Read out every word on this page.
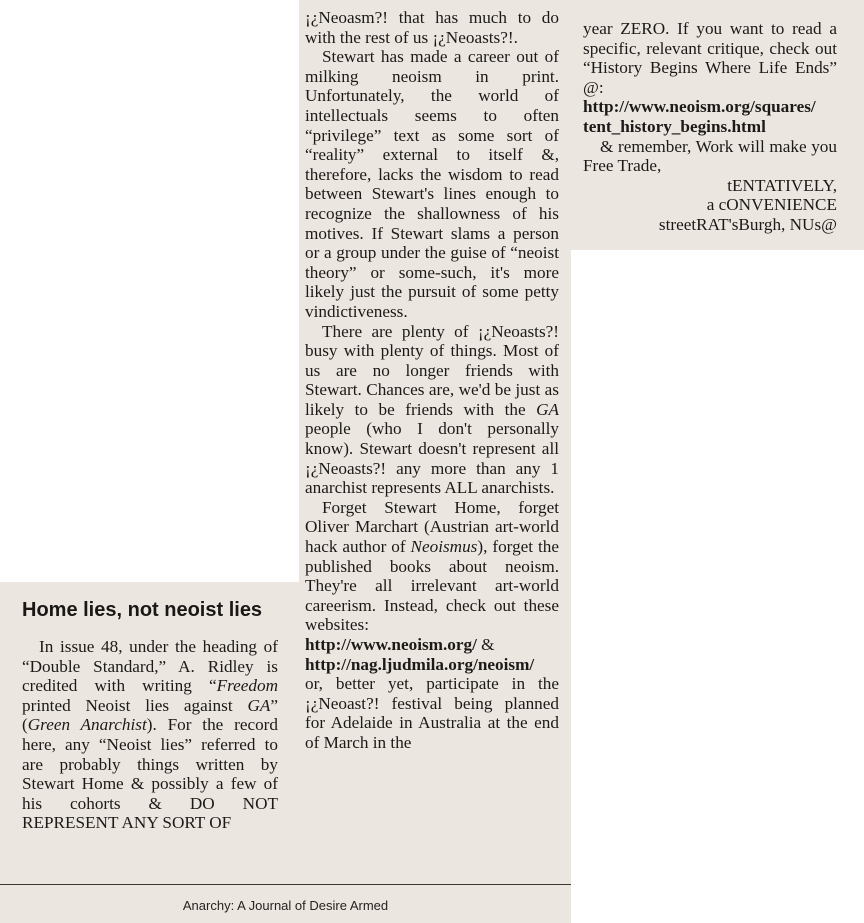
Home lies, not neoist lies

In issue 48, under the heading of “Double Standard,” A. Ridley is credited with writing “Freedom printed Neoist lies against GA” (Green Anarchist). For the record here, any “Neoist lies” referred to are probably things written by Stewart Home & possibly a few of his cohorts & DO NOT REPRESENT ANY SORT OF

¡¿Neoasm?! that has much to do with the rest of us ¡¿Neoasts?!.

Stewart has made a career out of milking neoism in print. Unfortunately, the world of intellectuals seems to often “privilege” text as some sort of “reality” external to itself &, therefore, lacks the wisdom to read between Stewart's lines enough to recognize the shallowness of his motives. If Stewart slams a person or a group under the guise of “neoist theory” or some-such, it's more likely just the pursuit of some petty vindictiveness.

There are plenty of ¡¿Neoasts?! busy with plenty of things. Most of us are no longer friends with Stewart. Chances are, we'd be just as likely to be friends with the GA people (who I don't personally know). Stewart doesn't represent all ¡¿Neoasts?! any more than any 1 anarchist represents ALL anarchists.

Forget Stewart Home, forget Oliver Marchart (Austrian art-world hack author of Neoismus), forget the published books about neoism. They're all irrelevant art-world careerism. Instead, check out these websites:

http://www.neoism.org/ &

http://nag.ljudmila.org/neoism/

or, better yet, participate in the ¡¿Neoast?! festival being planned for Adelaide in Australia at the end of March in the

year ZERO. If you want to read a specific, relevant critique, check out “History Begins Where Life Ends” @:

http://www.neoism.org/squares/

tent_history_begins.html

& remember, Work will make you Free Trade,

tENTATIVELY,
a cONVENIENCE
streetRAT'sBurgh, NUs@
Anarchy: A Journal of Desire Armed
